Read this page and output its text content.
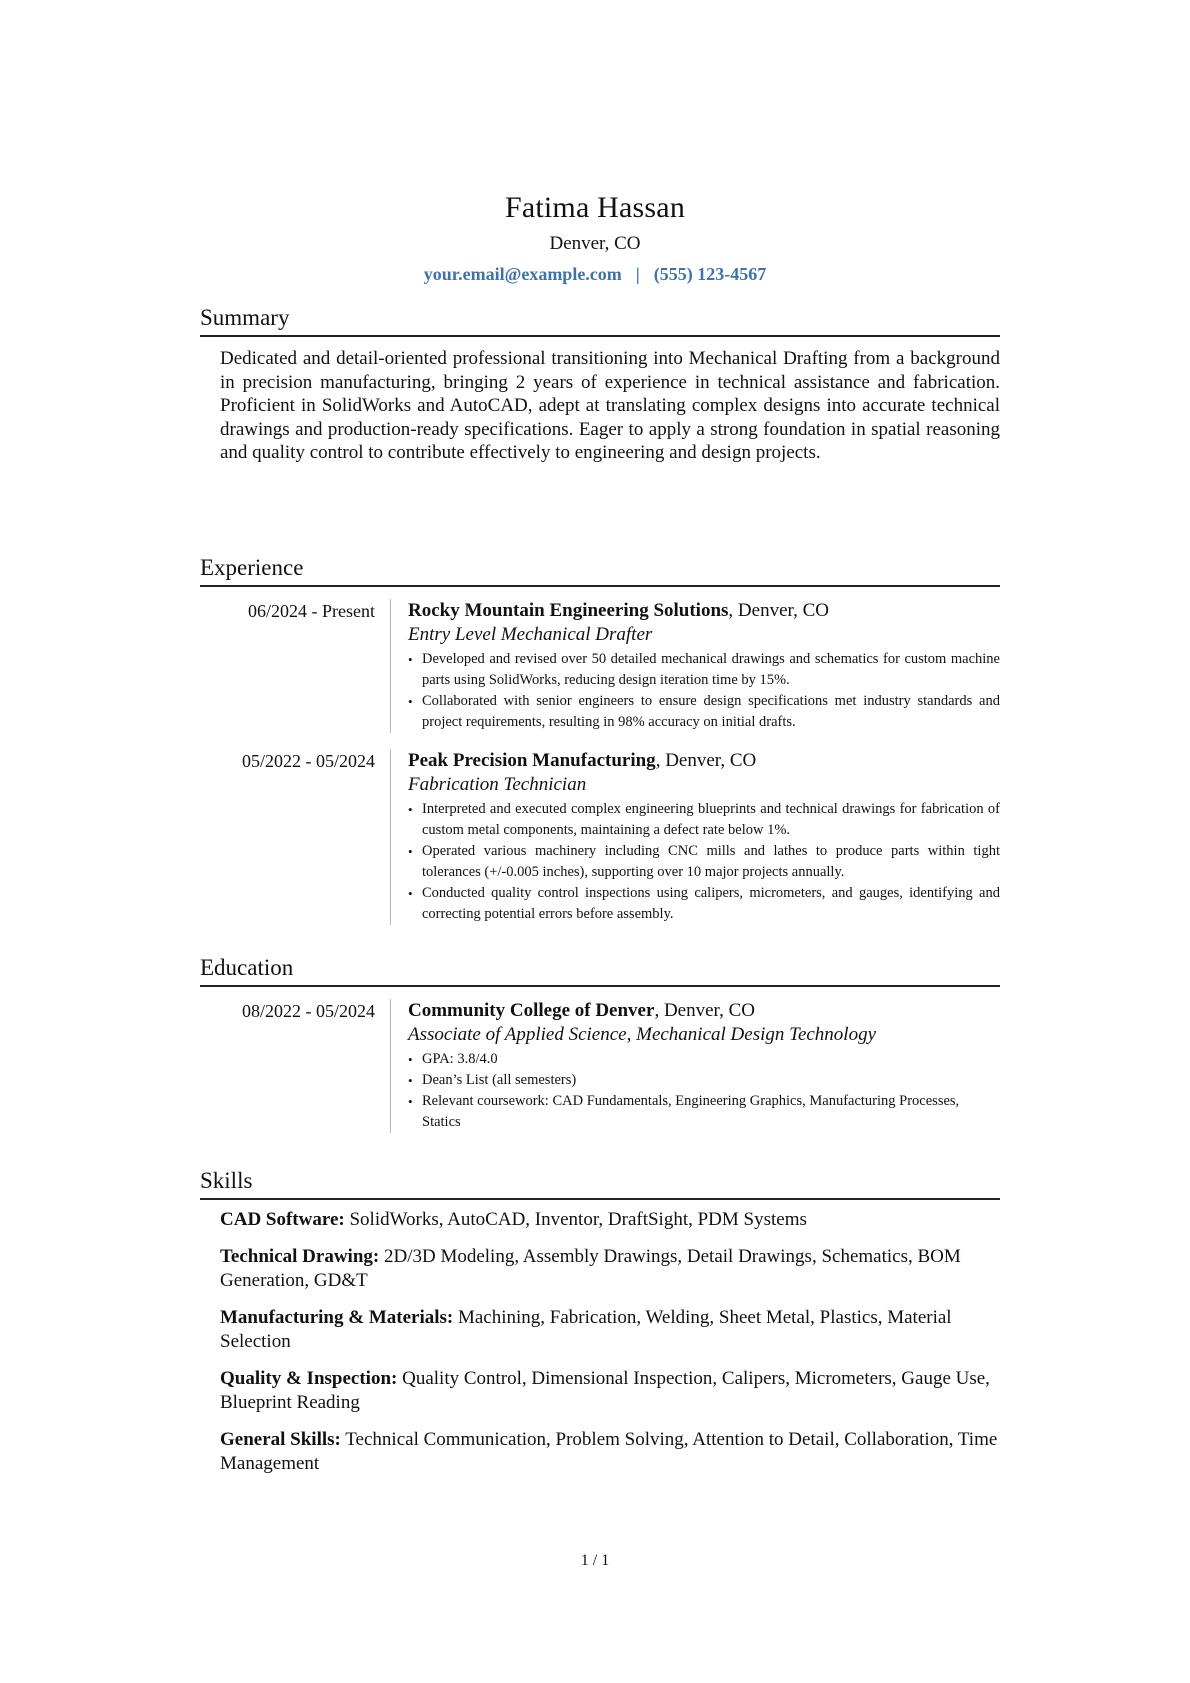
Fatima Hassan
Denver, CO
your.email@example.com | (555) 123-4567
Summary
Dedicated and detail-oriented professional transitioning into Mechanical Drafting from a background in precision manufacturing, bringing 2 years of experience in technical assistance and fabrication. Proficient in SolidWorks and AutoCAD, adept at translating complex designs into accurate technical drawings and production-ready specifications. Eager to apply a strong foundation in spatial reasoning and quality control to contribute effectively to engineering and design projects.
Experience
06/2024 - Present Rocky Mountain Engineering Solutions, Denver, CO
Entry Level Mechanical Drafter
• Developed and revised over 50 detailed mechanical drawings and schematics for custom machine parts using SolidWorks, reducing design iteration time by 15%.
• Collaborated with senior engineers to ensure design specifications met industry standards and project requirements, resulting in 98% accuracy on initial drafts.
05/2022 - 05/2024 Peak Precision Manufacturing, Denver, CO
Fabrication Technician
• Interpreted and executed complex engineering blueprints and technical drawings for fabrication of custom metal components, maintaining a defect rate below 1%.
• Operated various machinery including CNC mills and lathes to produce parts within tight tolerances (+/-0.005 inches), supporting over 10 major projects annually.
• Conducted quality control inspections using calipers, micrometers, and gauges, identifying and correcting potential errors before assembly.
Education
08/2022 - 05/2024 Community College of Denver, Denver, CO
Associate of Applied Science, Mechanical Design Technology
• GPA: 3.8/4.0
• Dean’s List (all semesters)
• Relevant coursework: CAD Fundamentals, Engineering Graphics, Manufacturing Processes, Statics
Skills
CAD Software: SolidWorks, AutoCAD, Inventor, DraftSight, PDM Systems
Technical Drawing: 2D/3D Modeling, Assembly Drawings, Detail Drawings, Schematics, BOM Generation, GD&T
Manufacturing & Materials: Machining, Fabrication, Welding, Sheet Metal, Plastics, Material Selection
Quality & Inspection: Quality Control, Dimensional Inspection, Calipers, Micrometers, Gauge Use, Blueprint Reading
General Skills: Technical Communication, Problem Solving, Attention to Detail, Collaboration, Time Management
1 / 1
